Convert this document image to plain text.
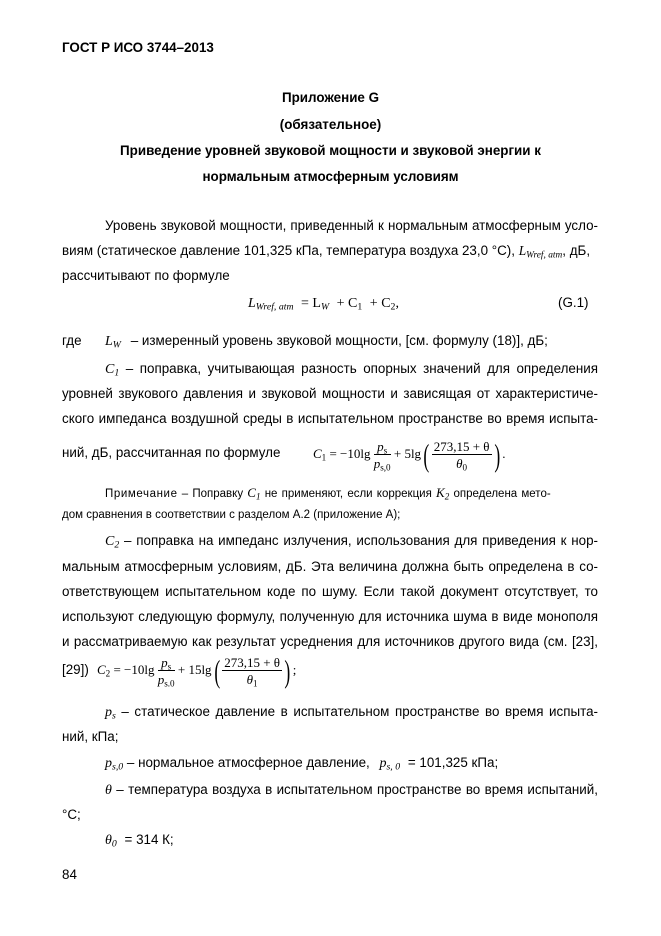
ГОСТ Р ИСО 3744–2013
Приложение G
(обязательное)
Приведение уровней звуковой мощности и звуковой энергии к
нормальным атмосферным условиям
Уровень звуковой мощности, приведенный к нормальным атмосферным усло-
виям (статическое давление 101,325 кПа, температура воздуха 23,0 °С), $L_{Wref, atm}$, дБ,
рассчитывают по формуле
$L_{Wref, atm} = L_W + C_1 + C_2$,	(G.1)
где $L_W$ – измеренный уровень звуковой мощности, [см. формулу (18)], дБ;
$C_1$ – поправка, учитывающая разность опорных значений для определения
уровней звукового давления и звуковой мощности и зависящая от характеристиче-
ского импеданса воздушной среды в испытательном пространстве во время испыта-
ний, дБ, рассчитанная по формуле	$C_1 = -10\lg \frac{p_s}{p_{s,0}} + 5\lg( \frac{273,15 + \theta}{\theta_0}$ ) .
Примечание – Поправку $C_1$ не применяют, если коррекция $K_2$ определена мето-
дом сравнения в соответствии с разделом А.2 (приложение А);
$C_2$ – поправка на импеданс излучения, использования для приведения к нор-
мальным атмосферным условиям, дБ. Эта величина должна быть определена в со-
ответствующем испытательном коде по шуму. Если такой документ отсутствует, то
используют следующую формулу, полученную для источника шума в виде монополя
и рассматриваемую как результат усреднения для источников другого вида (см. [23],
[29]) $C_2 = -10\lg \frac{p_s}{p_{s.0}} + 15\lg( \frac{273,15 + \theta}{\theta_1}$ ) ;
$p_s$ – статическое давление в испытательном пространстве во время испыта-
ний, кПа;
$p_{s,0}$ – нормальное атмосферное давление, $p_{s, 0} = 101,325$ кПа;
θ – температура воздуха в испытательном пространстве во время испытаний,
°С;
$\theta_0 = 314$ К;
84
